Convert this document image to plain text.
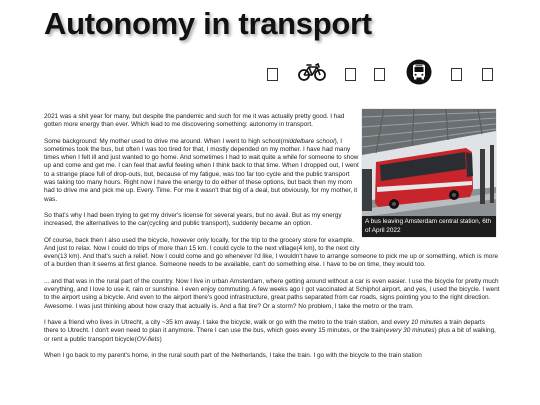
Autonomy in transport
A bus leaving Amsterdam central station, 6th of April 2022

2021 was a shit year for many, but despite the pandemic and such for me it was actually pretty good. I had gotten more energy than ever. Which lead to me discovering something: autonomy in transport.

Some background: My mother used to drive me around. When I went to high school(middelbare school), I sometimes took the bus, but often I was too tired for that, I mostly depended on my mother. I have had many times when I felt ill and just wanted to go home. And sometimes I had to wait quite a while for someone to show up and come and get me. I can feel that awful feeling when I think back to that time. When I dropped out, I went to a strange place full of drop-outs, but, because of my fatigue, was too far too cycle and the public transport was taking too many hours. Right now I have the energy to do either of these options, but back then my mom had to drive me and pick me up. Every. Time. For me it wasn't that big of a deal, but obviously, for my mother, it was.

So that's why I had been trying to get my driver's license for several years, but no avail. But as my energy increased, the alternatives to the car(cycling and public transport), suddenly became an option.

Of course, back then I also used the bicycle, however only locally, for the trip to the grocery store for example. And just to relax. Now I could do trips of more than 15 km. I could cycle to the next village(4 km), to the next city even(13 km). And that's such a relief. Now I could come and go whenever I'd like, I wouldn't have to arrange someone to pick me up or something, which is more of a burden than it seems at first glance. Someone needs to be available, can't do something else. I have to be on time, they would too.

... and that was in the rural part of the country. Now I live in urban Amsterdam, where getting around without a car is even easier. I use the bicycle for pretty much everything, and I love to use it, rain or sunshine. I even enjoy commuting. A few weeks ago I got vaccinated at Schiphol airport, and yes, I used the bicycle. I went to the airport using a bicycle. And even to the airport there's good infrastructure, great paths separated from car roads, signs pointing you to the right direction. Awesome. I was just thinking about how crazy that actually is. And a flat tire? Or a storm? No problem, I take the metro or the tram.

I have a friend who lives in Utrecht, a city ~35 km away. I take the bicycle, walk or go with the metro to the train station, and every 10 minutes a train departs there to Utrecht. I don't even need to plan it anymore. There I can use the bus, which goes every 15 minutes, or the train(every 30 minutes) plus a bit of walking, or rent a public transport bicycle(OV-fiets)

When I go back to my parent's home, in the rural south part of the Netherlands, I take the train. I go with the bicycle to the train station
